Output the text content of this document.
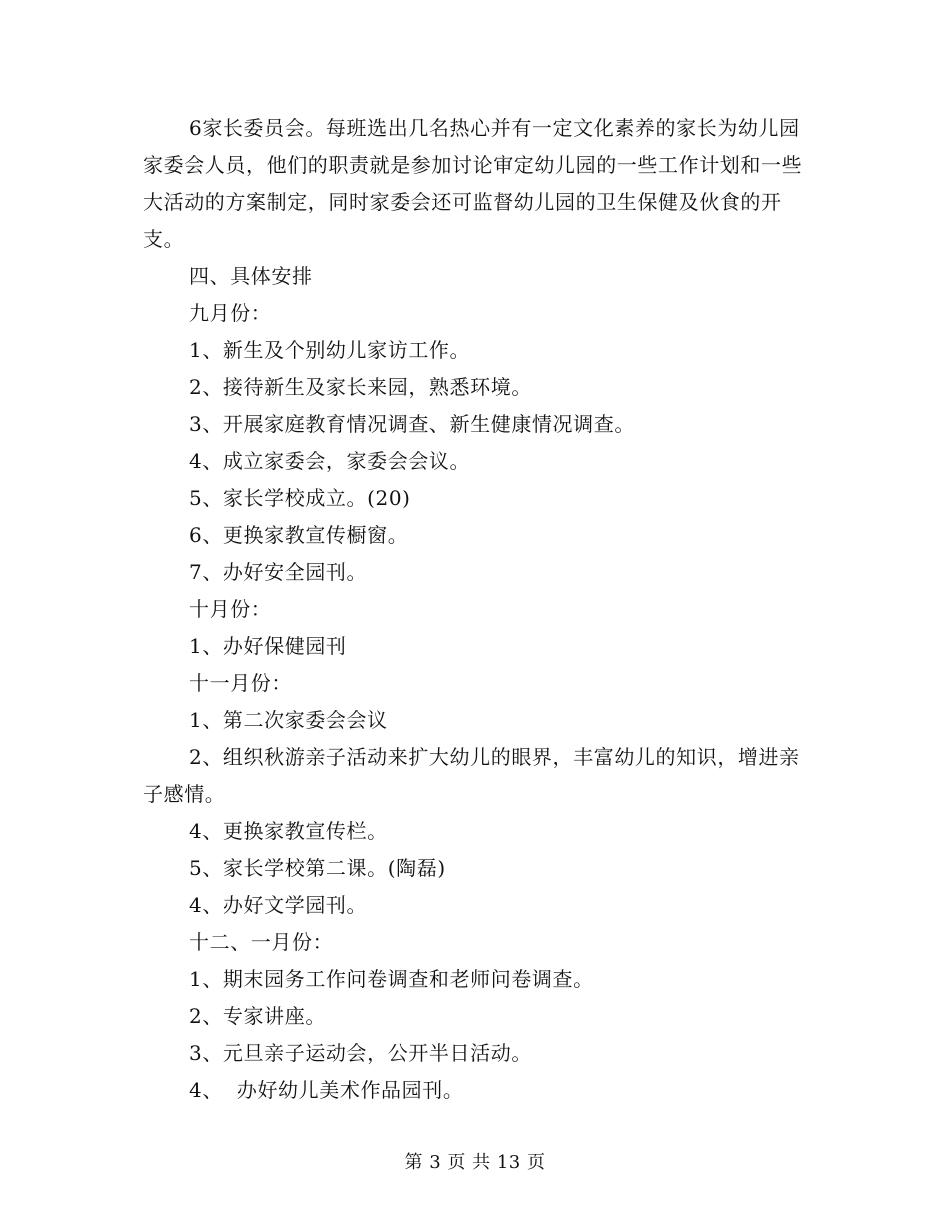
6家长委员会。每班选出几名热心并有一定文化素养的家长为幼儿园家委会人员，他们的职责就是参加讨论审定幼儿园的一些工作计划和一些大活动的方案制定，同时家委会还可监督幼儿园的卫生保健及伙食的开支。

四、具体安排

九月份：

1、新生及个别幼儿家访工作。

2、接待新生及家长来园，熟悉环境。

3、开展家庭教育情况调查、新生健康情况调查。

4、成立家委会，家委会会议。

5、家长学校成立。(20)

6、更换家教宣传橱窗。

7、办好安全园刊。

十月份：

1、办好保健园刊

十一月份：

1、第二次家委会会议

2、组织秋游亲子活动来扩大幼儿的眼界，丰富幼儿的知识，增进亲子感情。

4、更换家教宣传栏。

5、家长学校第二课。(陶磊)

4、办好文学园刊。

十二、一月份：

1、期末园务工作问卷调查和老师问卷调查。

2、专家讲座。

3、元旦亲子运动会，公开半日活动。

4、  办好幼儿美术作品园刊。

第 3 页 共 13 页
